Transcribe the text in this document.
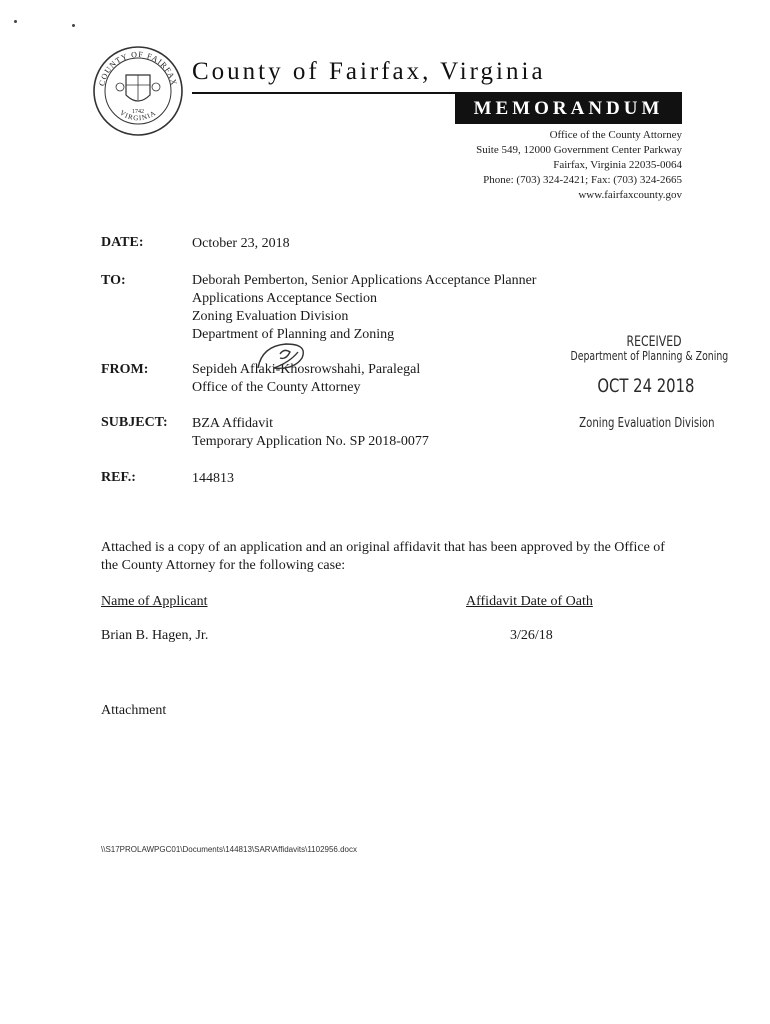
COUNTY OF FAIRFAX
VIRGINIA
1742
County of Fairfax, Virginia
MEMORANDUM
Office of the County Attorney
Suite 549, 12000 Government Center Parkway
Fairfax, Virginia 22035-0064
Phone: (703) 324-2421; Fax: (703) 324-2665
www.fairfaxcounty.gov
DATE:	October 23, 2018
TO:	Deborah Pemberton, Senior Applications Acceptance Planner
Applications Acceptance Section
Zoning Evaluation Division
Department of Planning and Zoning
FROM:	Sepideh Aflaki-Khosrowshahi, Paralegal
Office of the County Attorney
SUBJECT: BZA Affidavit
Temporary Application No. SP 2018-0077
REF.:	144813
RECEIVED
Department of Planning & Zoning
OCT 24 2018
Zoning Evaluation Division
Attached is a copy of an application and an original affidavit that has been approved by the Office of the County Attorney for the following case:
Name of Applicant	Affidavit Date of Oath
Brian B. Hagen, Jr.	3/26/18
Attachment
\\S17PROLAWPGC01\Documents\144813\SAR\Affidavits\1102956.docx
